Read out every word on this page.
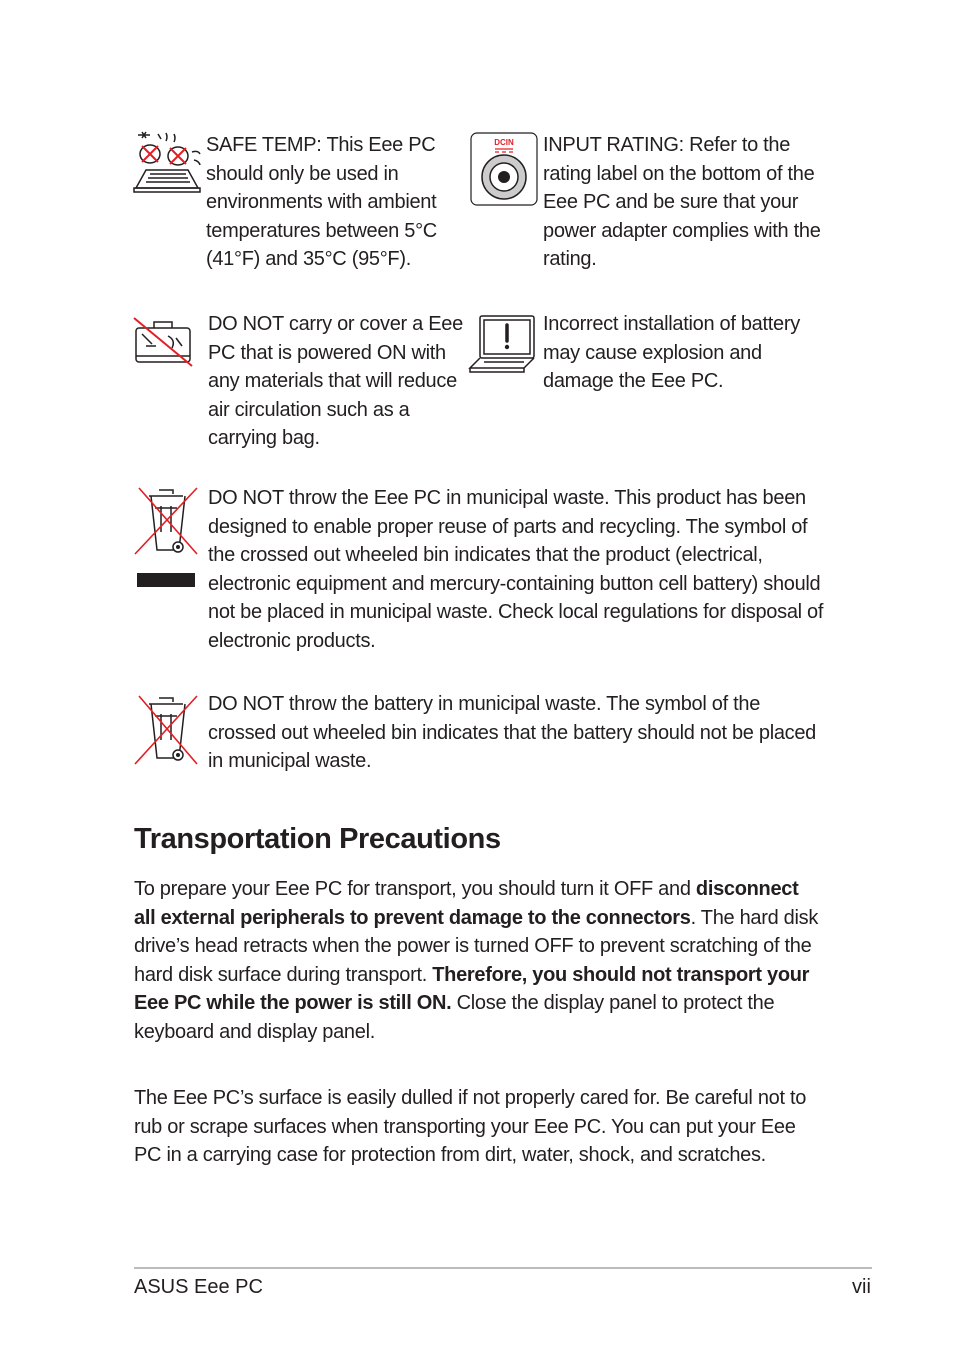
SAFE TEMP: This Eee PC should only be used in environments with ambient temperatures between 5°C (41°F) and 35°C (95°F).
DCIN INPUT RATING: Refer to the rating label on the bottom of the Eee PC and be sure that your power adapter complies with the rating.
DO NOT carry or cover a Eee PC that is powered ON with any materials that will reduce air circulation such as a carrying bag.
Incorrect installation of battery may cause explosion and damage the Eee PC.
DO NOT throw the Eee PC in municipal waste. This product has been designed to enable proper reuse of parts and recycling. The symbol of the crossed out wheeled bin indicates that the product (electrical, electronic equipment and mercury-containing button cell battery) should not be placed in municipal waste. Check local regulations for disposal of electronic products.
DO NOT throw the battery in municipal waste. The symbol of the crossed out wheeled bin indicates that the battery should not be placed in municipal waste.
Transportation Precautions

To prepare your Eee PC for transport, you should turn it OFF and disconnect all external peripherals to prevent damage to the connectors. The hard disk drive’s head retracts when the power is turned OFF to prevent scratching of the hard disk surface during transport. Therefore, you should not transport your Eee PC while the power is still ON. Close the display panel to protect the keyboard and display panel.

The Eee PC’s surface is easily dulled if not properly cared for. Be careful not to rub or scrape surfaces when transporting your Eee PC. You can put your Eee PC in a carrying case for protection from dirt, water, shock, and scratches.

ASUS Eee PC	vii
